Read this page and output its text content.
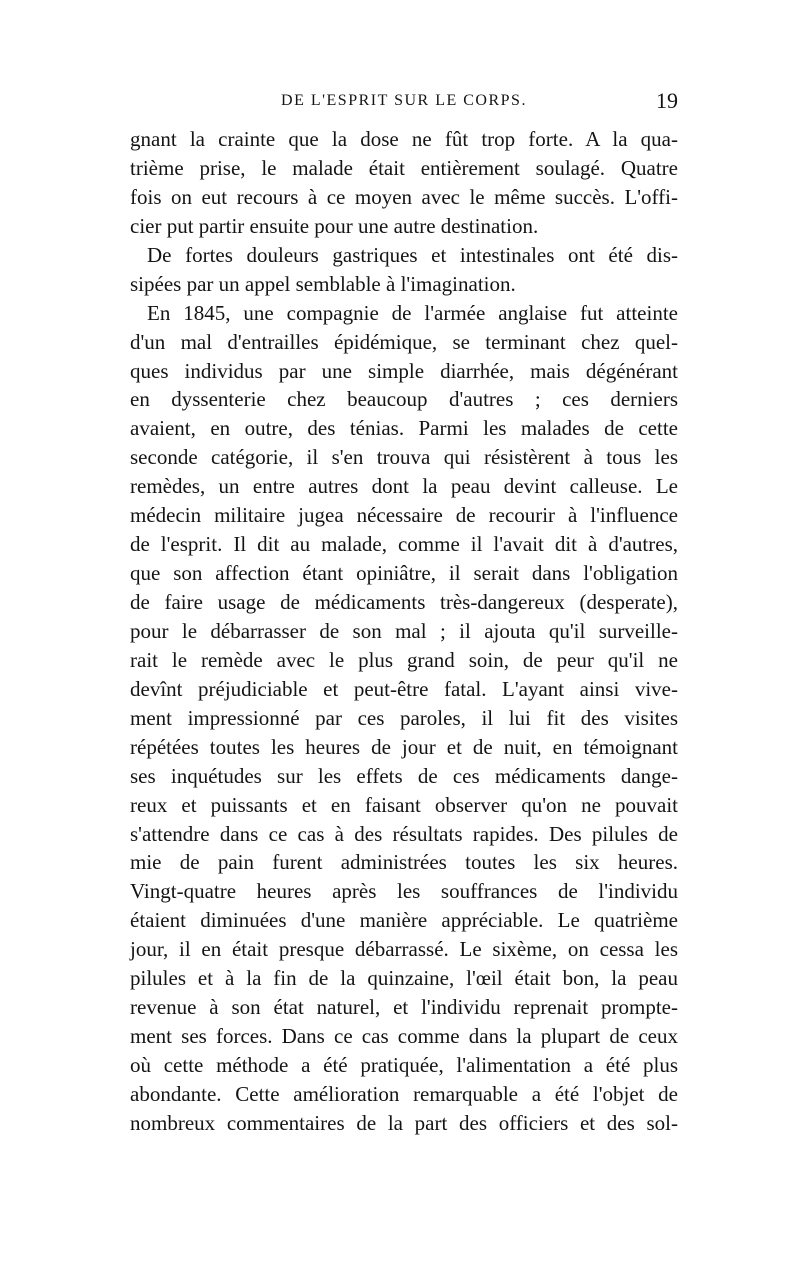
DE L'ESPRIT SUR LE CORPS.	19
gnant la crainte que la dose ne fût trop forte. A la qua-
trième prise, le malade était entièrement soulagé. Quatre
fois on eut recours à ce moyen avec le même succès. L'offi-
cier put partir ensuite pour une autre destination.
De fortes douleurs gastriques et intestinales ont été dis-
sipées par un appel semblable à l'imagination.
En 1845, une compagnie de l'armée anglaise fut atteinte
d'un mal d'entrailles épidémique, se terminant chez quel-
ques individus par une simple diarrhée, mais dégénérant
en dyssenterie chez beaucoup d'autres ; ces derniers
avaient, en outre, des ténias. Parmi les malades de cette
seconde catégorie, il s'en trouva qui résistèrent à tous les
remèdes, un entre autres dont la peau devint calleuse. Le
médecin militaire jugea nécessaire de recourir à l'influence
de l'esprit. Il dit au malade, comme il l'avait dit à d'autres,
que son affection étant opiniâtre, il serait dans l'obligation
de faire usage de médicaments très-dangereux (desperate),
pour le débarrasser de son mal ; il ajouta qu'il surveille-
rait le remède avec le plus grand soin, de peur qu'il ne
devînt préjudiciable et peut-être fatal. L'ayant ainsi vive-
ment impressionné par ces paroles, il lui fit des visites
répétées toutes les heures de jour et de nuit, en témoignant
ses inquétudes sur les effets de ces médicaments dange-
reux et puissants et en faisant observer qu'on ne pouvait
s'attendre dans ce cas à des résultats rapides. Des pilules de
mie de pain furent administrées toutes les six heures.
Vingt-quatre heures après les souffrances de l'individu
étaient diminuées d'une manière appréciable. Le quatrième
jour, il en était presque débarrassé. Le sixème, on cessa les
pilules et à la fin de la quinzaine, l'œil était bon, la peau
revenue à son état naturel, et l'individu reprenait prompte-
ment ses forces. Dans ce cas comme dans la plupart de ceux
où cette méthode a été pratiquée, l'alimentation a été plus
abondante. Cette amélioration remarquable a été l'objet de
nombreux commentaires de la part des officiers et des sol-
